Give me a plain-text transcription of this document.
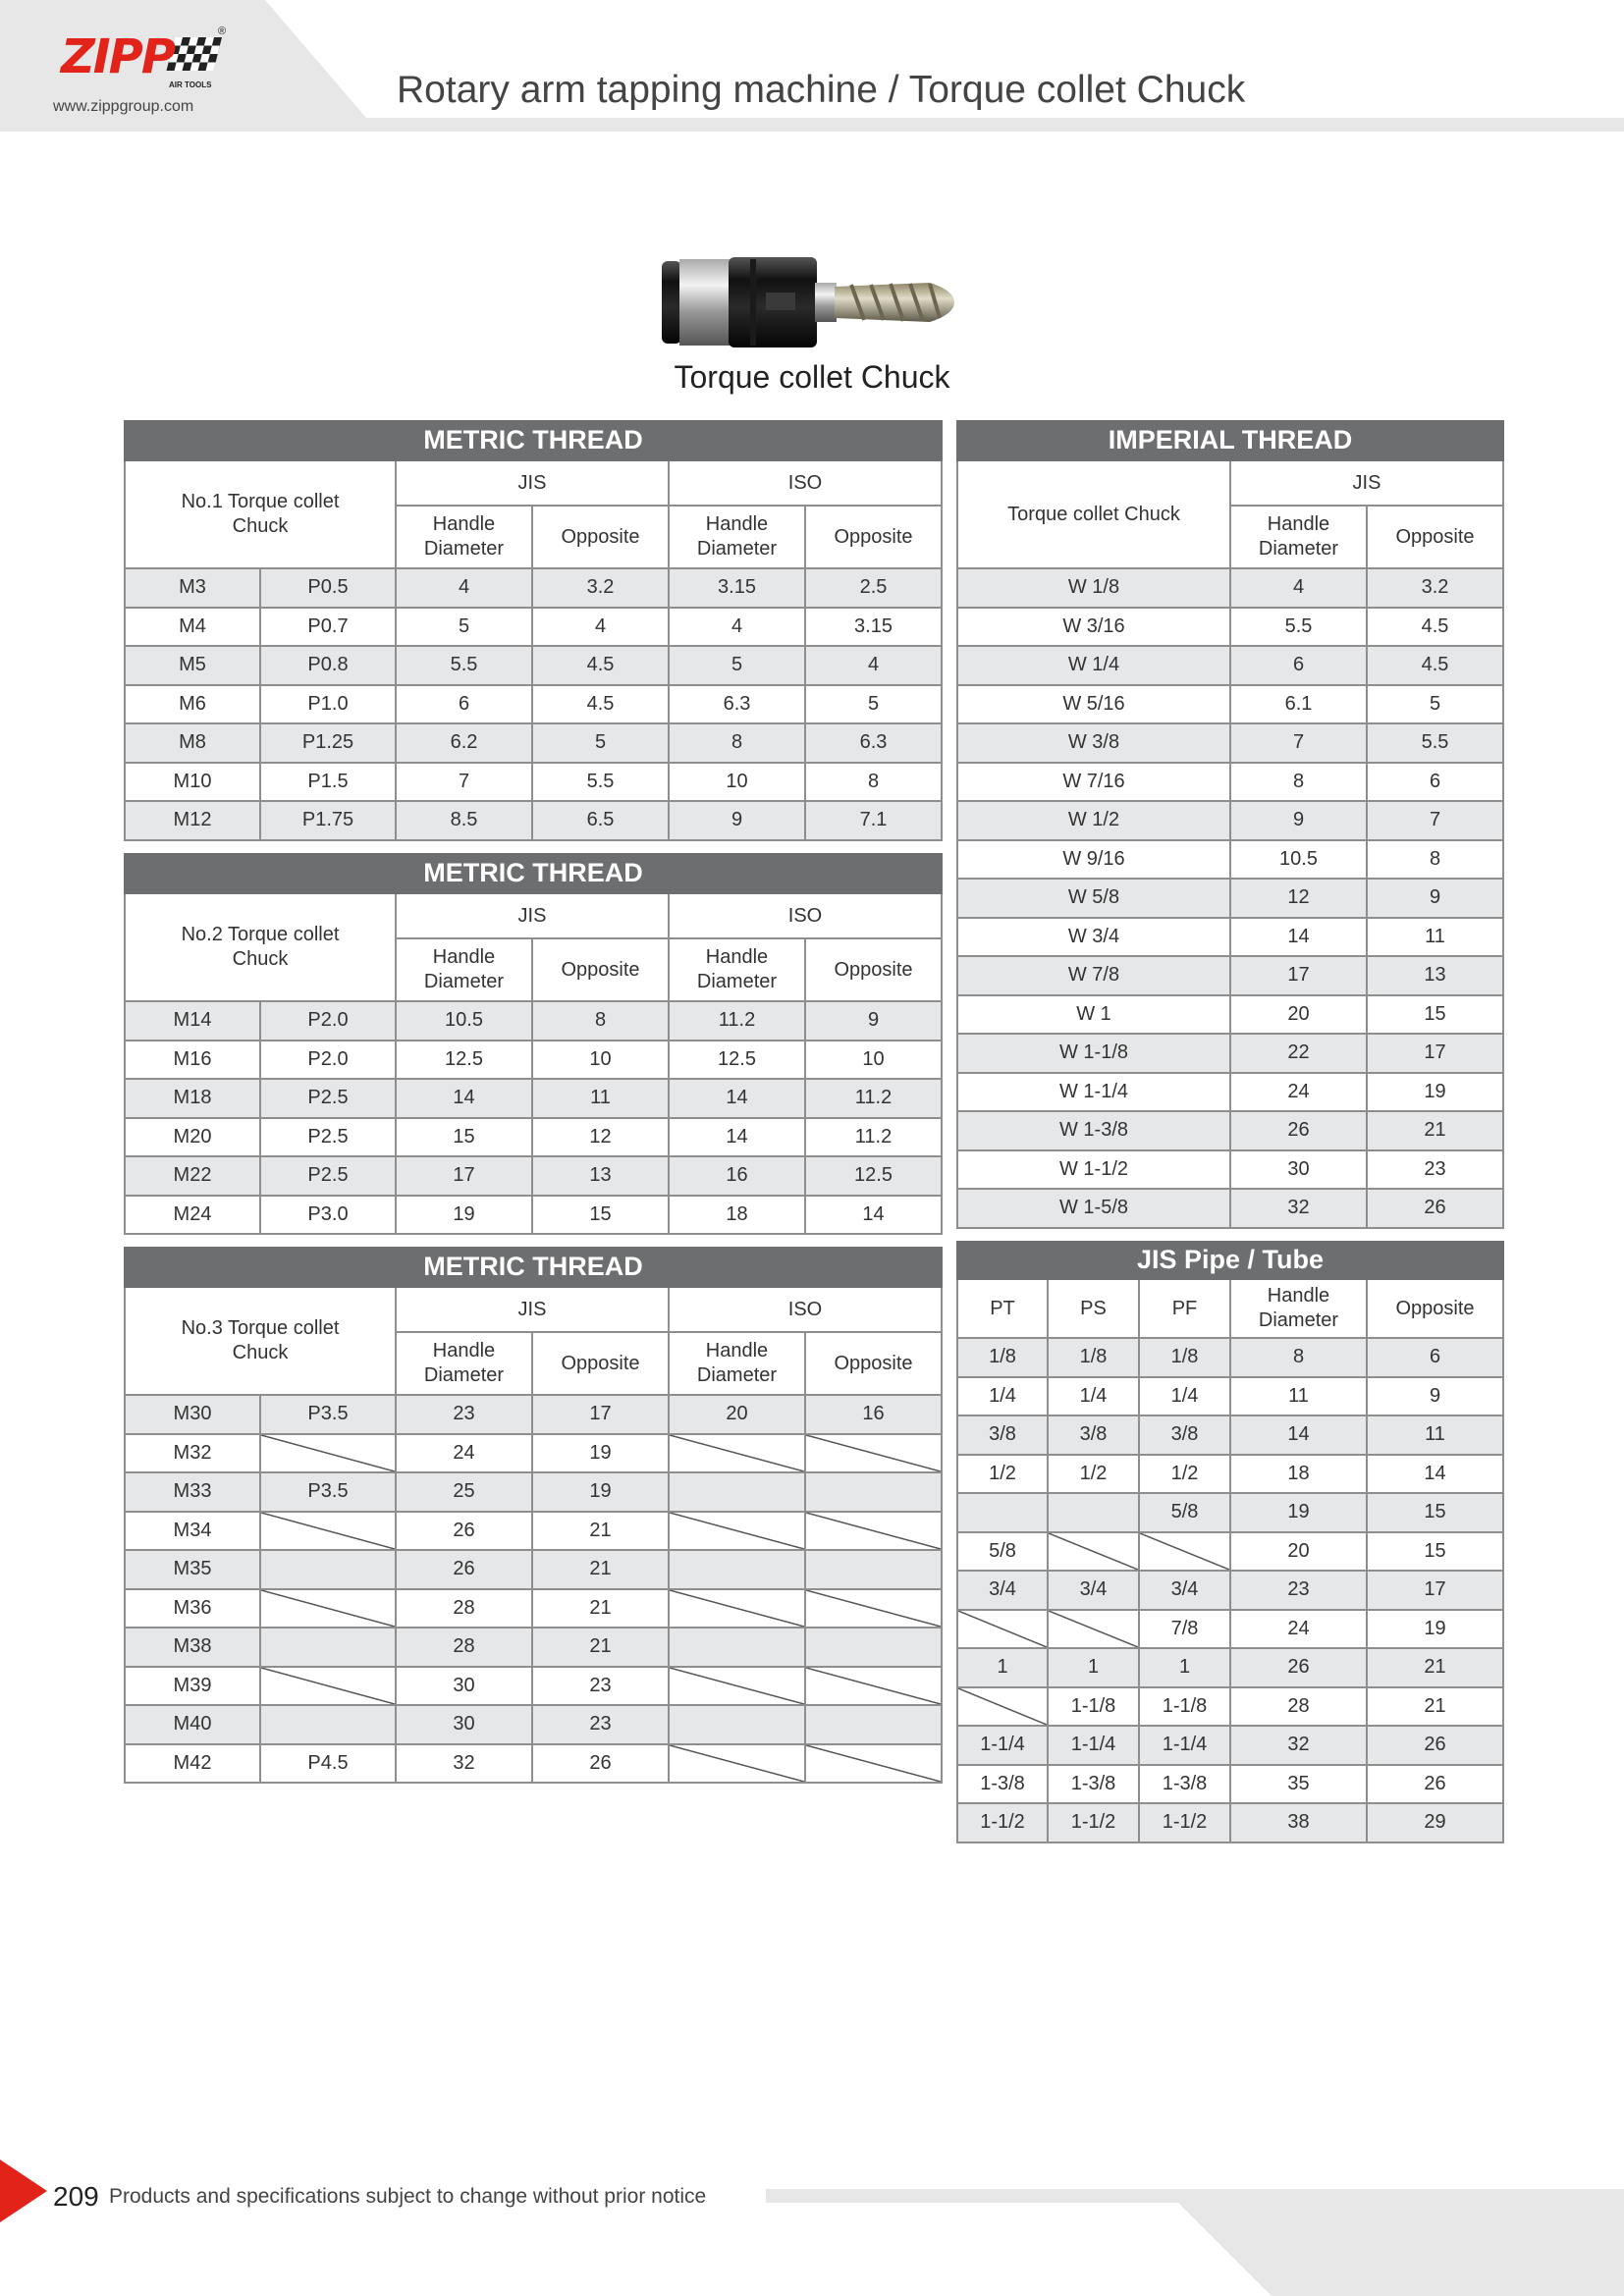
ZIPP
AIR TOOLS
®
www.zippgroup.com	Rotary arm tapping machine / Torque collet Chuck
Torque collet Chuck
METRIC THREAD					
No.1 Torque collet Chuck		JIS		ISO	
		Handle Diameter	Opposite	Handle Diameter	Opposite
M3	P0.5	4	3.2	3.15	2.5
M4	P0.7	5	4	4	3.15
M5	P0.8	5.5	4.5	5	4
M6	P1.0	6	4.5	6.3	5
M8	P1.25	6.2	5	8	6.3
M10	P1.5	7	5.5	10	8
M12	P1.75	8.5	6.5	9	7.1
METRIC THREAD					
No.2 Torque collet Chuck		JIS		ISO	
		Handle Diameter	Opposite	Handle Diameter	Opposite
M14	P2.0	10.5	8	11.2	9
M16	P2.0	12.5	10	12.5	10
M18	P2.5	14	11	14	11.2
M20	P2.5	15	12	14	11.2
M22	P2.5	17	13	16	12.5
M24	P3.0	19	15	18	14
METRIC THREAD					
No.3 Torque collet Chuck		JIS		ISO	
		Handle Diameter	Opposite	Handle Diameter	Opposite
M30	P3.5	23	17	20	16
M32		24	19		
M33	P3.5	25	19		
M34		26	21		
M35		26	21		
M36		28	21		
M38		28	21		
M39		30	23		
M40		30	23		
M42	P4.5	32	26		
IMPERIAL THREAD		
Torque collet Chuck	JIS	
	Handle Diameter	Opposite
W 1/8	4	3.2
W 3/16	5.5	4.5
W 1/4	6	4.5
W 5/16	6.1	5
W 3/8	7	5.5
W 7/16	8	6
W 1/2	9	7
W 9/16	10.5	8
W 5/8	12	9
W 3/4	14	11
W 7/8	17	13
W 1	20	15
W 1-1/8	22	17
W 1-1/4	24	19
W 1-3/8	26	21
W 1-1/2	30	23
W 1-5/8	32	26
JIS Pipe / Tube				
PT	PS	PF	Handle Diameter	Opposite
1/8	1/8	1/8	8	6
1/4	1/4	1/4	11	9
3/8	3/8	3/8	14	11
1/2	1/2	1/2	18	14
		5/8	19	15
5/8			20	15
3/4	3/4	3/4	23	17
		7/8	24	19
1	1	1	26	21
	1-1/8	1-1/8	28	21
1-1/4	1-1/4	1-1/4	32	26
1-3/8	1-3/8	1-3/8	35	26
1-1/2	1-1/2	1-1/2	38	29
209 Products and specifications subject to change without prior notice
